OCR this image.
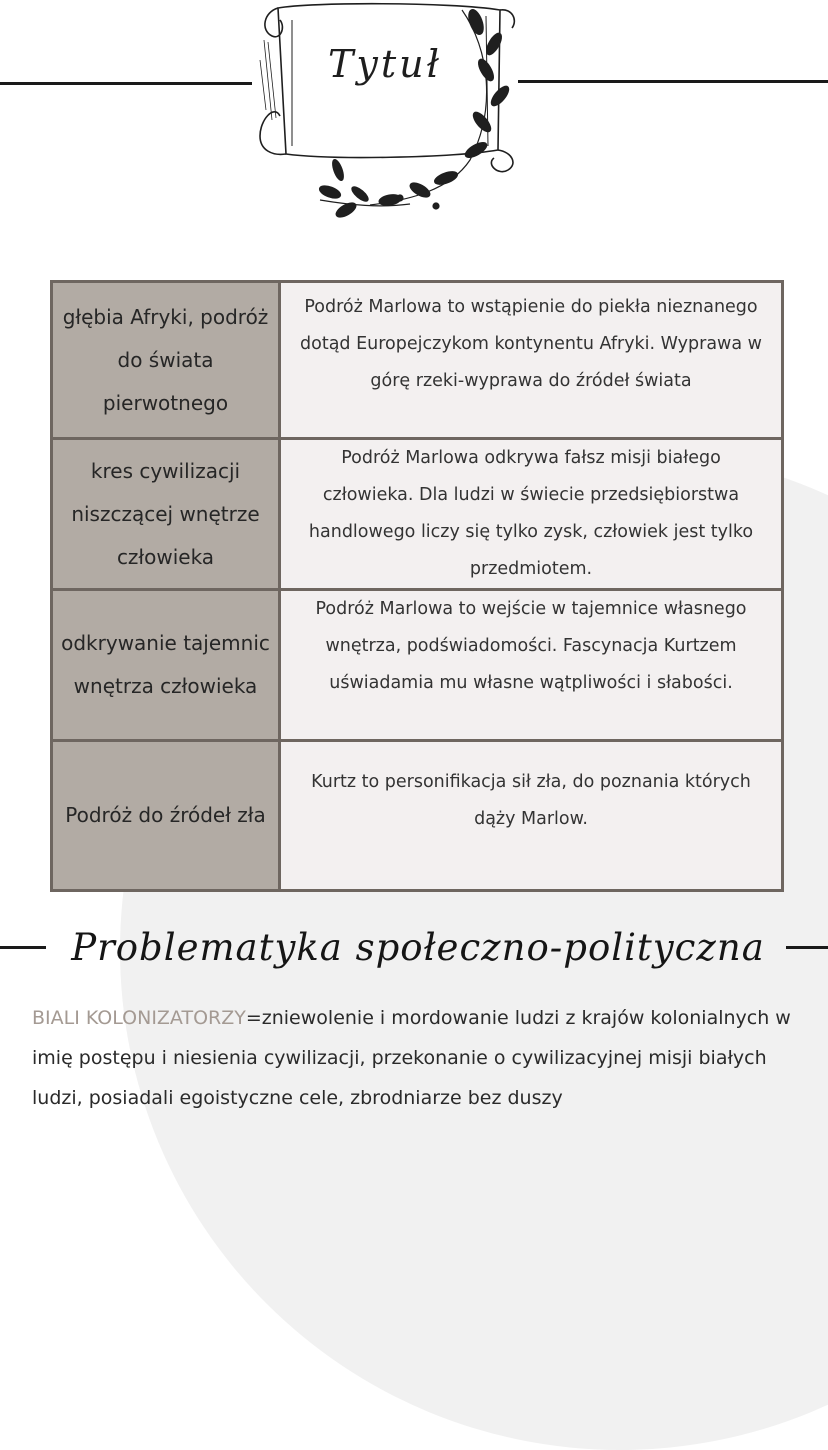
Tytuł
głębia Afryki, podróż do świata pierwotnego
Podróż Marlowa to wstąpienie do piekła nieznanego dotąd Europejczykom kontynentu Afryki. Wyprawa w górę rzeki-wyprawa do źródeł świata
kres cywilizacji niszczącej wnętrze człowieka
Podróż Marlowa odkrywa fałsz misji białego człowieka. Dla ludzi w świecie przedsiębiorstwa handlowego liczy się tylko zysk, człowiek jest tylko przedmiotem.
odkrywanie tajemnic wnętrza człowieka
Podróż Marlowa to wejście w tajemnice własnego wnętrza, podświadomości. Fascynacja Kurtzem uświadamia mu własne wątpliwości i słabości.
Podróż do źródeł zła
Kurtz to personifikacja sił zła, do poznania których dąży Marlow.
Problematyka społeczno-polityczna
BIALI KOLONIZATORZY=zniewolenie i mordowanie ludzi z krajów kolonialnych w imię postępu i niesienia cywilizacji, przekonanie o cywilizacyjnej misji białych ludzi, posiadali egoistyczne cele, zbrodniarze bez duszy
